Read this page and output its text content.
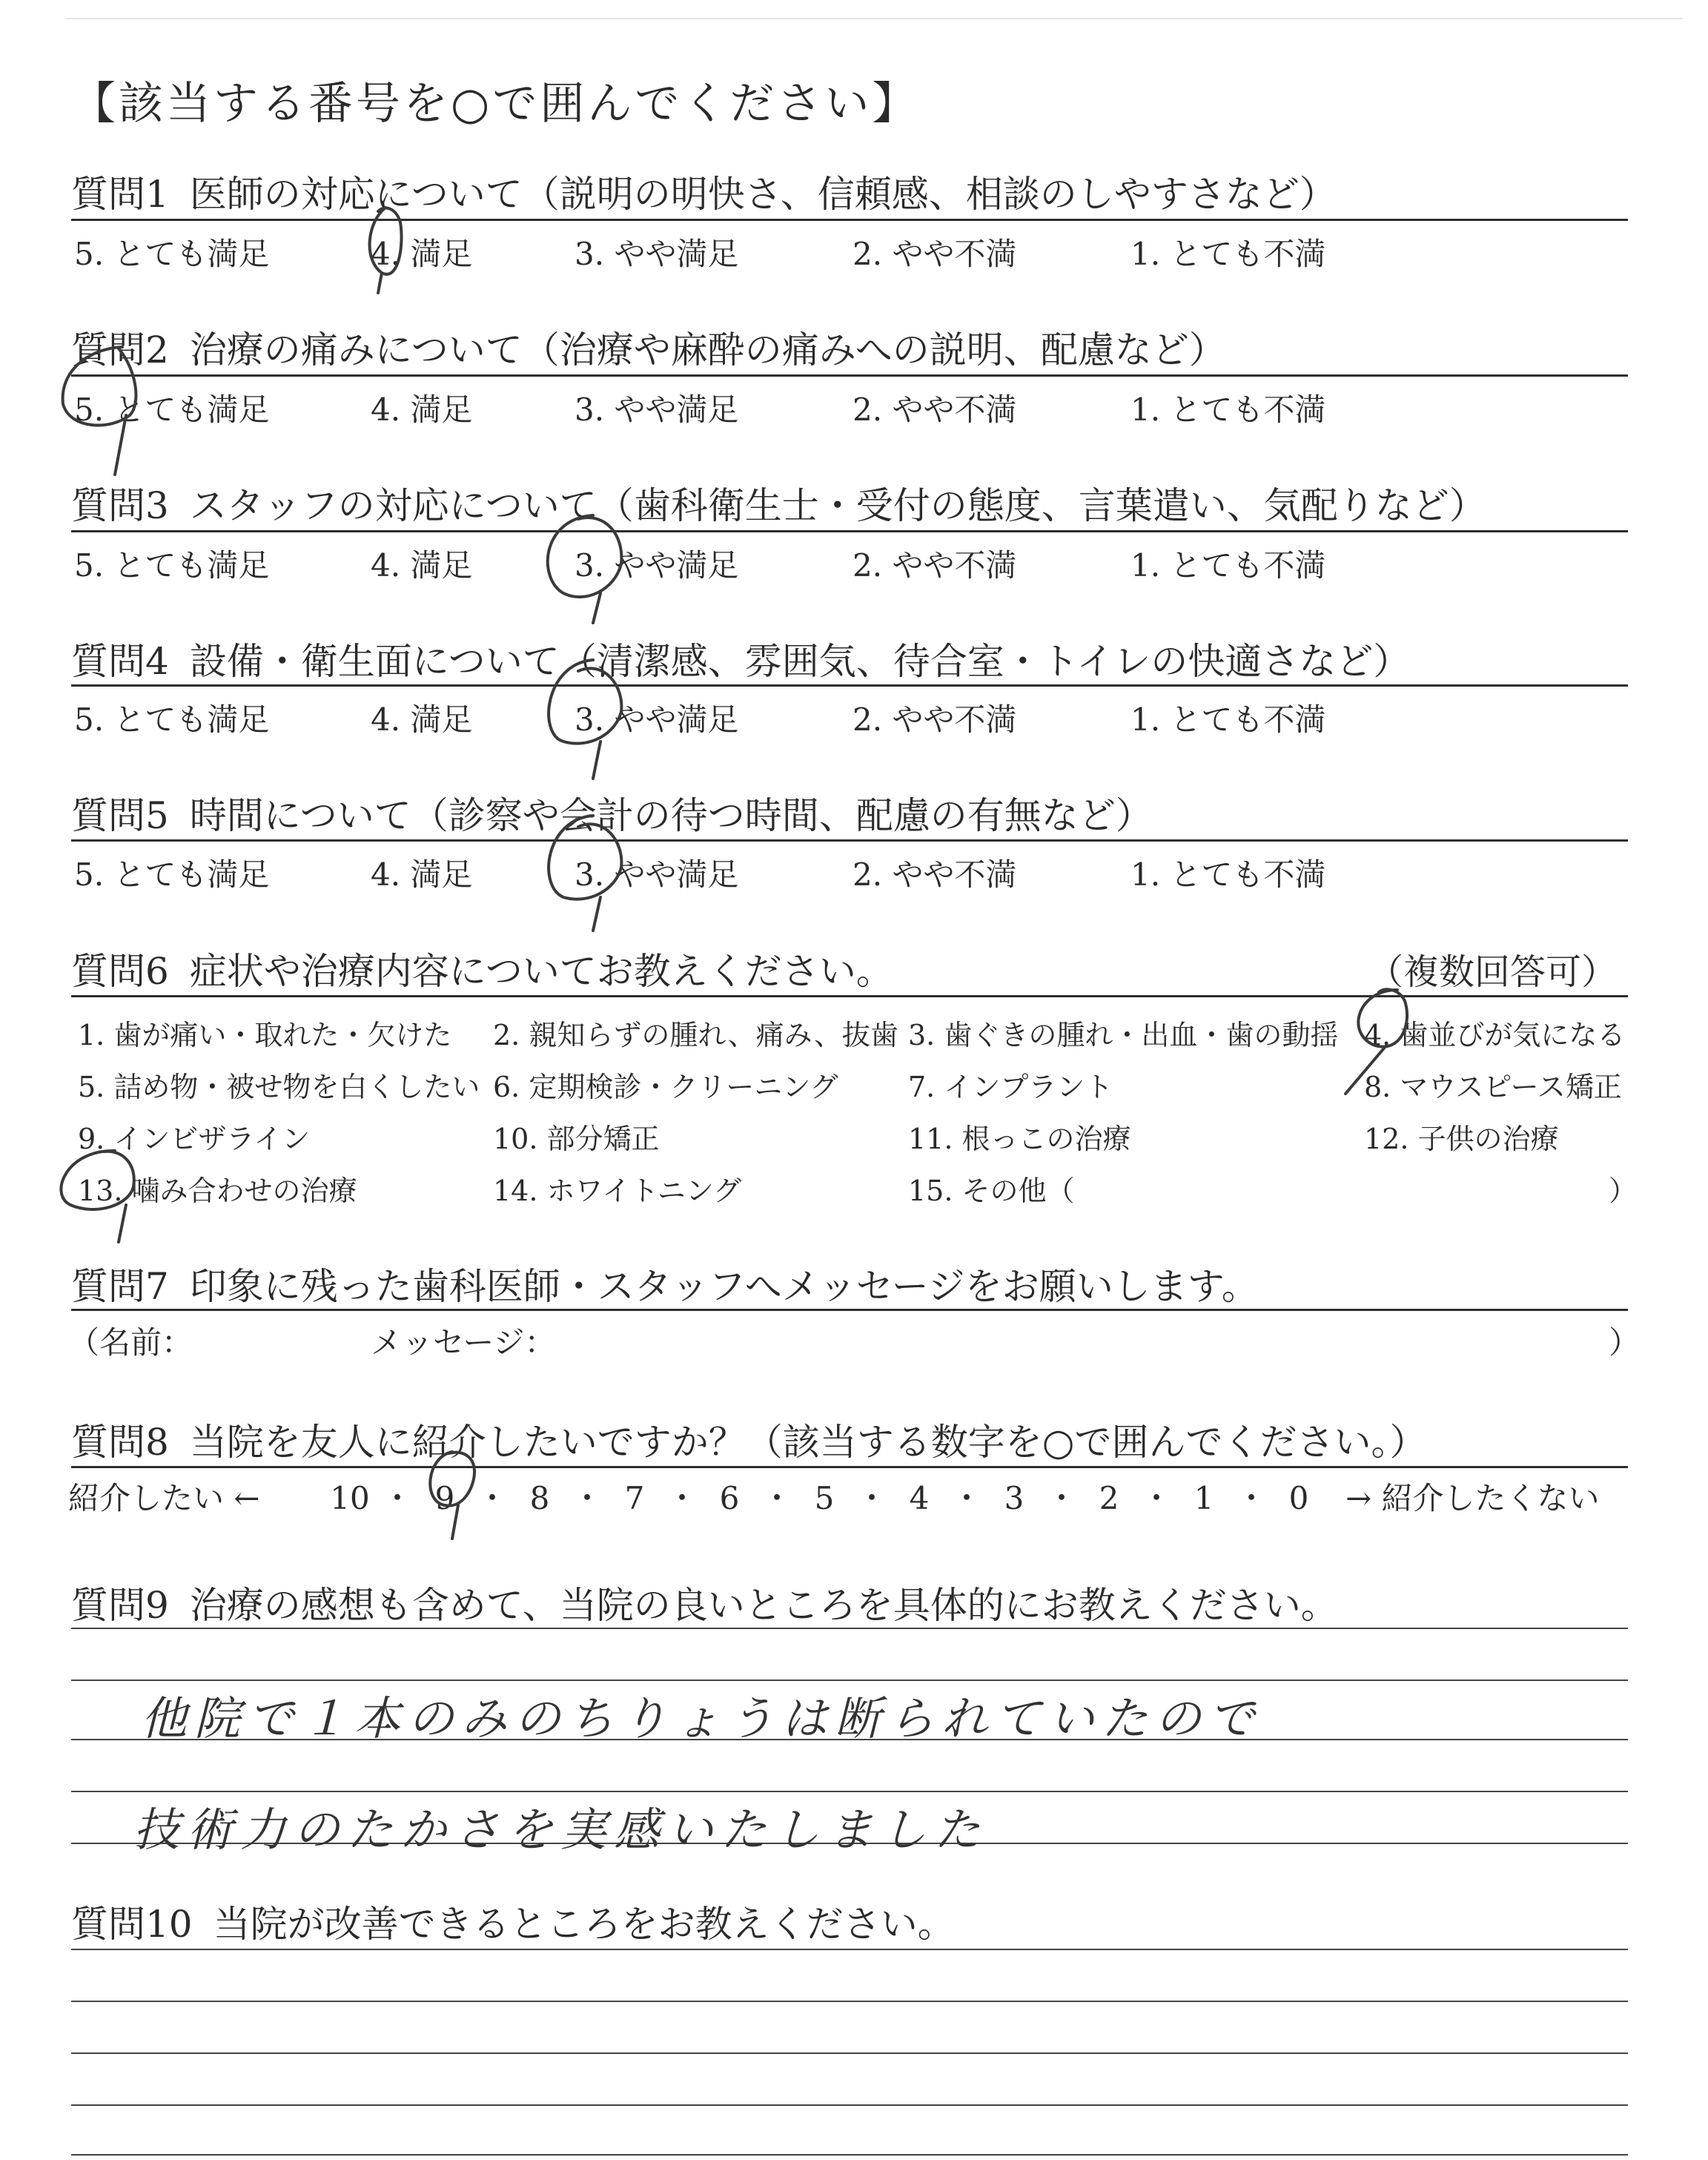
【該当する番号を○で囲んでください】
質問1 医師の対応について（説明の明快さ、信頼感、相談のしやすさなど）
5. とても満足	4. 満足	3. やや満足	2. やや不満	1. とても不満
質問2 治療の痛みについて（治療や麻酔の痛みへの説明、配慮など）
5. とても満足	4. 満足	3. やや満足	2. やや不満	1. とても不満
質問3 スタッフの対応について（歯科衛生士・受付の態度、言葉遣い、気配りなど）
5. とても満足	4. 満足	3. やや満足	2. やや不満	1. とても不満
質問4 設備・衛生面について（清潔感、雰囲気、待合室・トイレの快適さなど）
5. とても満足	4. 満足	3. やや満足	2. やや不満	1. とても不満
質問5 時間について（診察や会計の待つ時間、配慮の有無など）
5. とても満足	4. 満足	3. やや満足	2. やや不満	1. とても不満
質問6 症状や治療内容についてお教えください。	（複数回答可）
1. 歯が痛い・取れた・欠けた 2. 親知らずの腫れ、痛み、抜歯 3. 歯ぐきの腫れ・出血・歯の動揺 4. 歯並びが気になる
5. 詰め物・被せ物を白くしたい 6. 定期検診・クリーニング 7. インプラント	8. マウスピース矯正
9. インビザライン	10. 部分矯正	11. 根っこの治療	12. 子供の治療
13. 噛み合わせの治療	14. ホワイトニング	15. その他（	）
質問7 印象に残った歯科医師・スタッフへメッセージをお願いします。
（名前：	メッセージ：	）
質問8 当院を友人に紹介したいですか？（該当する数字を○で囲んでください。）
紹介したい ← 10 ・ 9 ・ 8 ・ 7 ・ 6 ・ 5 ・ 4 ・ 3 ・ 2 ・ 1 ・ 0	→ 紹介したくない
質問9 治療の感想も含めて、当院の良いところを具体的にお教えください。
他院で１本のみのちりょうは断られていたので
技術力のたかさを実感いたしました
質問10 当院が改善できるところをお教えください。
